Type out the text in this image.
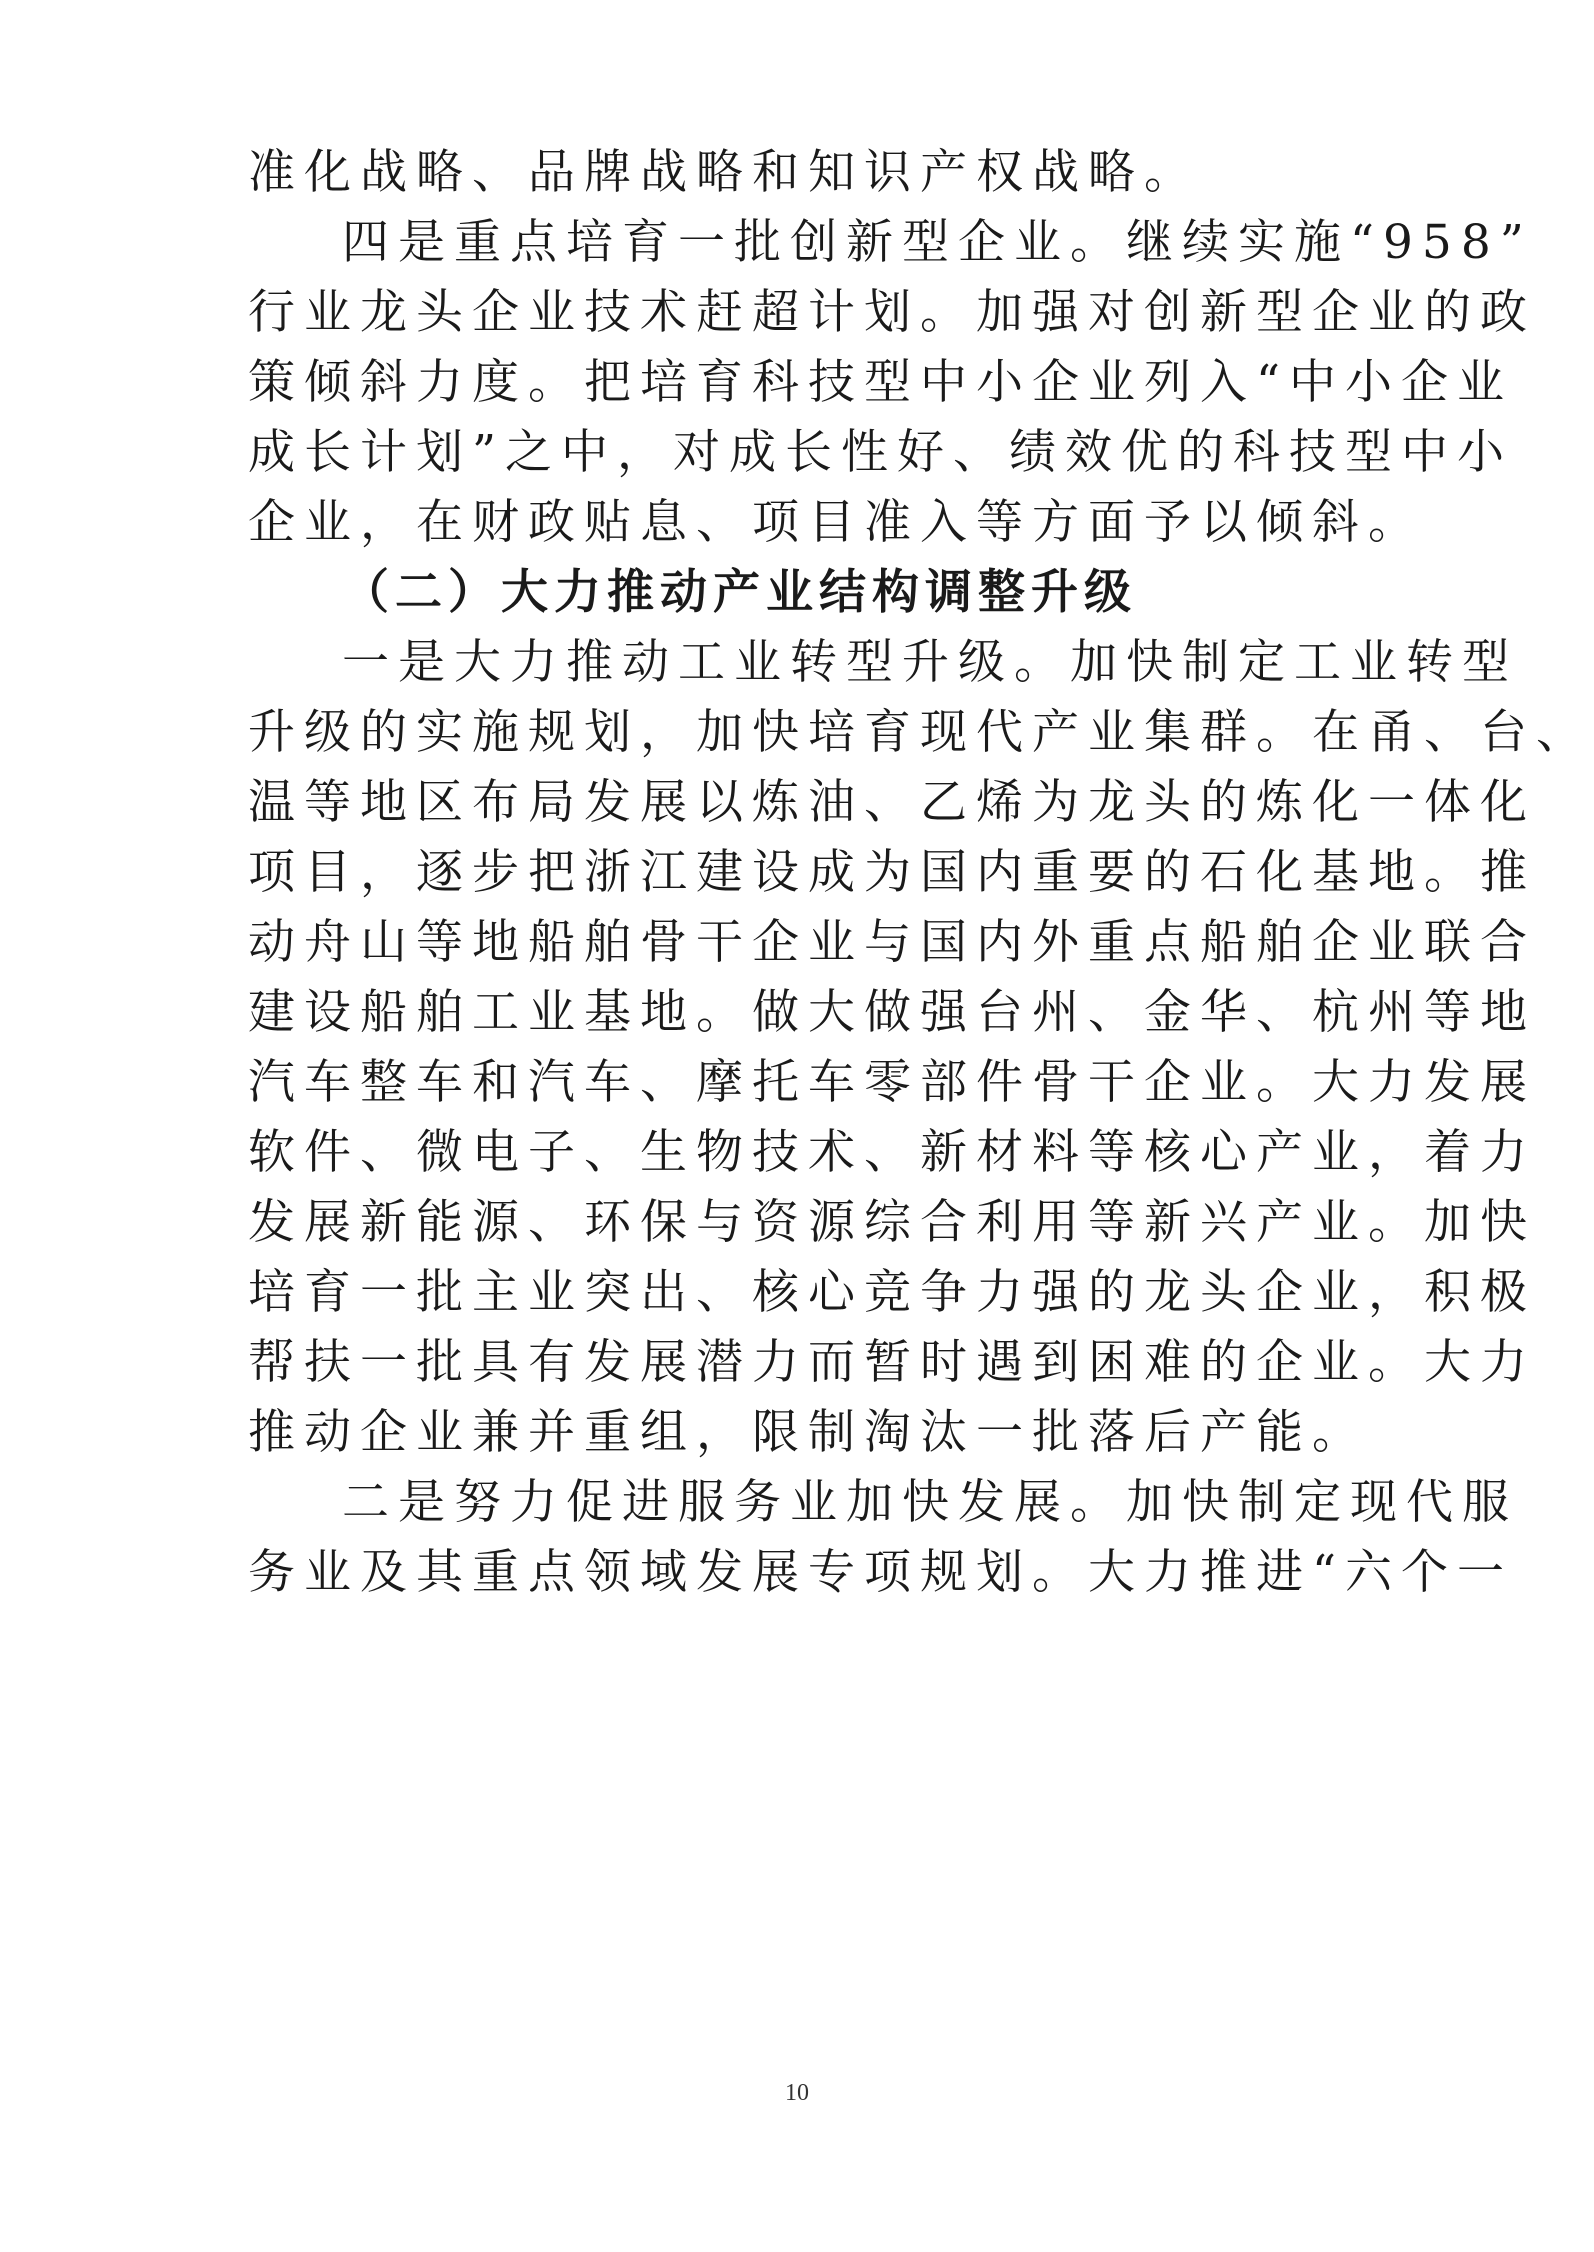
准化战略、品牌战略和知识产权战略。
四是重点培育一批创新型企业。继续实施“958”
行业龙头企业技术赶超计划。加强对创新型企业的政
策倾斜力度。把培育科技型中小企业列入“中小企业
成长计划”之中，对成长性好、绩效优的科技型中小
企业，在财政贴息、项目准入等方面予以倾斜。
（二）大力推动产业结构调整升级
一是大力推动工业转型升级。加快制定工业转型
升级的实施规划，加快培育现代产业集群。在甬、台、
温等地区布局发展以炼油、乙烯为龙头的炼化一体化
项目，逐步把浙江建设成为国内重要的石化基地。推
动舟山等地船舶骨干企业与国内外重点船舶企业联合
建设船舶工业基地。做大做强台州、金华、杭州等地
汽车整车和汽车、摩托车零部件骨干企业。大力发展
软件、微电子、生物技术、新材料等核心产业，着力
发展新能源、环保与资源综合利用等新兴产业。加快
培育一批主业突出、核心竞争力强的龙头企业，积极
帮扶一批具有发展潜力而暂时遇到困难的企业。大力
推动企业兼并重组，限制淘汰一批落后产能。
二是努力促进服务业加快发展。加快制定现代服
务业及其重点领域发展专项规划。大力推进“六个一
10
